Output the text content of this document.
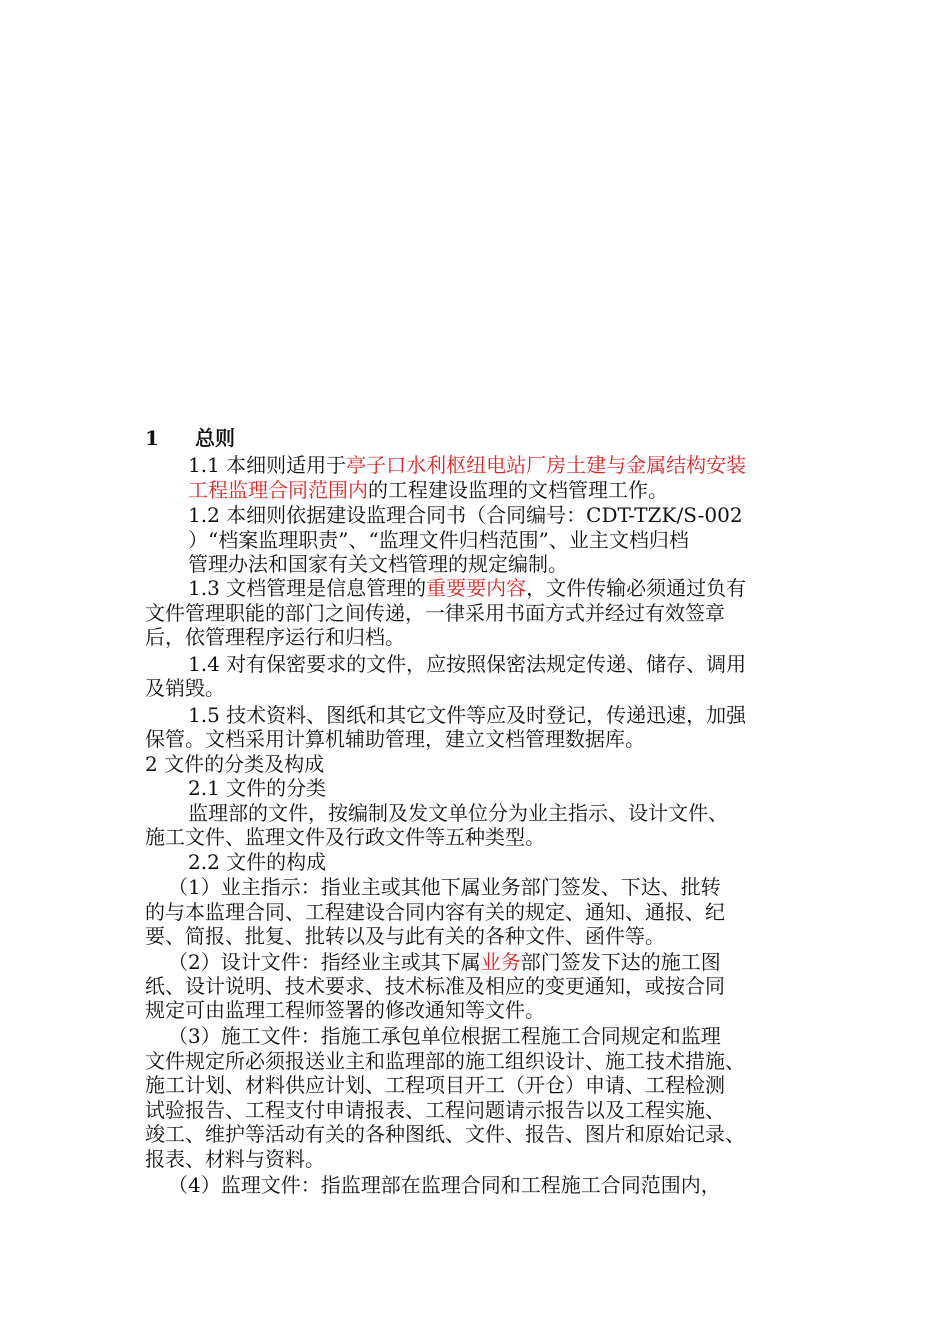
1 总则
1.1 本细则适用于亭子口水利枢纽电站厂房土建与金属结构安装
工程监理合同范围内的工程建设监理的文档管理工作。
1.2 本细则依据建设监理合同书（合同编号：CDT-TZK/S-002
）“档案监理职责”、“监理文件归档范围”、业主文档归档
管理办法和国家有关文档管理的规定编制。
1.3 文档管理是信息管理的重要要内容，文件传输必须通过负有
文件管理职能的部门之间传递，一律采用书面方式并经过有效签章
后，依管理程序运行和归档。
1.4 对有保密要求的文件，应按照保密法规定传递、储存、调用
及销毁。
1.5 技术资料、图纸和其它文件等应及时登记，传递迅速，加强
保管。文档采用计算机辅助管理，建立文档管理数据库。
2 文件的分类及构成
2.1 文件的分类
监理部的文件，按编制及发文单位分为业主指示、设计文件、
施工文件、监理文件及行政文件等五种类型。
2.2 文件的构成
（1）业主指示：指业主或其他下属业务部门签发、下达、批转
的与本监理合同、工程建设合同内容有关的规定、通知、通报、纪
要、简报、批复、批转以及与此有关的各种文件、函件等。
（2）设计文件：指经业主或其下属业务部门签发下达的施工图
纸、设计说明、技术要求、技术标准及相应的变更通知，或按合同
规定可由监理工程师签署的修改通知等文件。
（3）施工文件：指施工承包单位根据工程施工合同规定和监理
文件规定所必须报送业主和监理部的施工组织设计、施工技术措施、
施工计划、材料供应计划、工程项目开工（开仓）申请、工程检测
试验报告、工程支付申请报表、工程问题请示报告以及工程实施、
竣工、维护等活动有关的各种图纸、文件、报告、图片和原始记录、
报表、材料与资料。
（4）监理文件：指监理部在监理合同和工程施工合同范围内，
